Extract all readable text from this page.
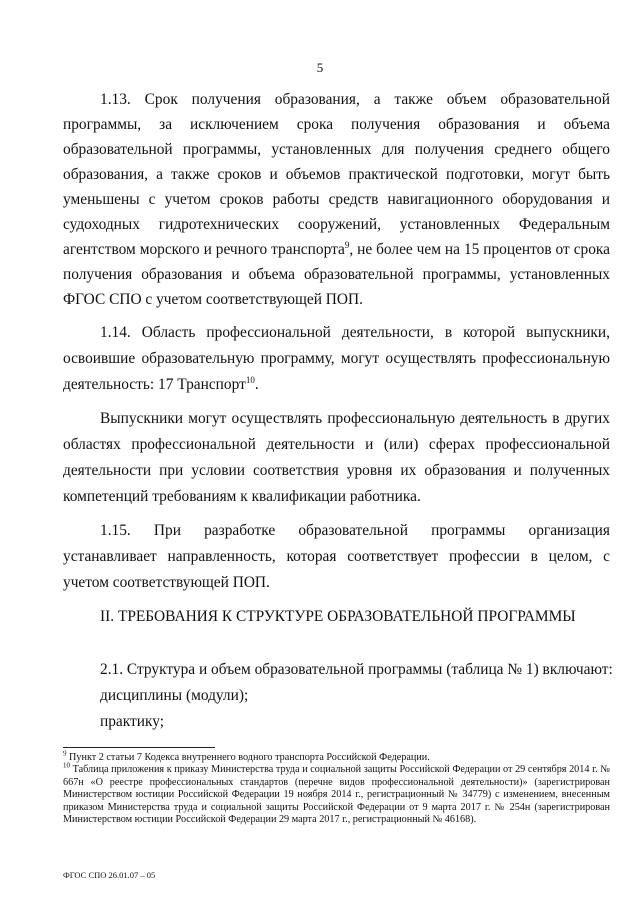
5

1.13. Срок получения образования, а также объем образовательной программы, за исключением срока получения образования и объема образовательной программы, установленных для получения среднего общего образования, а также сроков и объемов практической подготовки, могут быть уменьшены с учетом сроков работы средств навигационного оборудования и судоходных гидротехнических сооружений, установленных Федеральным агентством морского и речного транспорта$^9$, не более чем на 15 процентов от срока получения образования и объема образовательной программы, установленных ФГОС СПО с учетом соответствующей ПОП.

1.14. Область профессиональной деятельности, в которой выпускники, освоившие образовательную программу, могут осуществлять профессиональную деятельность: 17 Транспорт$^{10}$.

Выпускники могут осуществлять профессиональную деятельность в других областях профессиональной деятельности и (или) сферах профессиональной деятельности при условии соответствия уровня их образования и полученных компетенций требованиям к квалификации работника.

1.15. При разработке образовательной программы организация устанавливает направленность, которая соответствует профессии в целом, с учетом соответствующей ПОП.

II. ТРЕБОВАНИЯ К СТРУКТУРЕ ОБРАЗОВАТЕЛЬНОЙ ПРОГРАММЫ
2.1. Структура и объем образовательной программы (таблица № 1) включают:
дисциплины (модули);
практику;

$^9$ Пункт 2 статьи 7 Кодекса внутреннего водного транспорта Российской Федерации.

$^{10}$ Таблица приложения к приказу Министерства труда и социальной защиты Российской Федерации от 29 сентября 2014 г. № 667н «О реестре профессиональных стандартов (перечне видов профессиональной деятельности)» (зарегистрирован Министерством юстиции Российской Федерации 19 ноября 2014 г., регистрационный № 34779) с изменением, внесенным приказом Министерства труда и социальной защиты Российской Федерации от 9 марта 2017 г. № 254н (зарегистрирован Министерством юстиции Российской Федерации 29 марта 2017 г., регистрационный № 46168).

ФГОС СПО 26.01.07 – 05
